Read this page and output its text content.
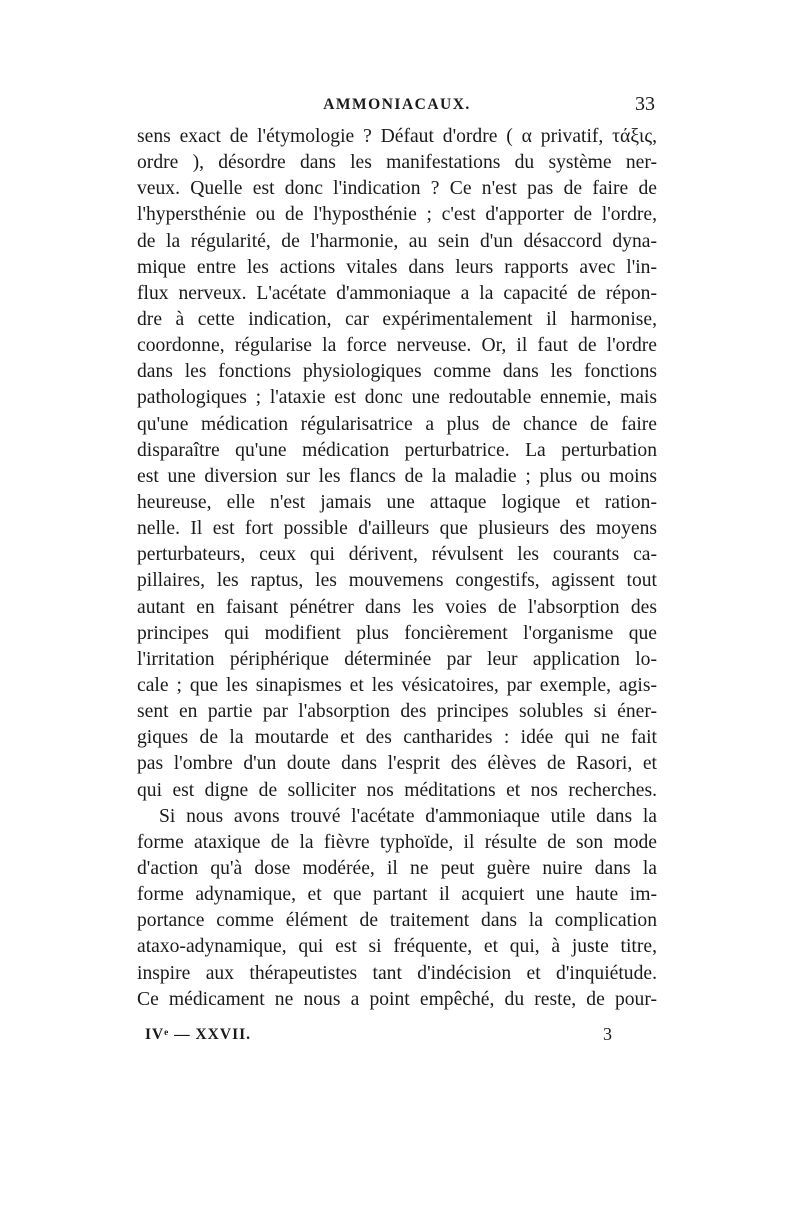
AMMONIACAUX.	33
sens exact de l'étymologie ? Défaut d'ordre ( α privatif, τάξις,
ordre ), désordre dans les manifestations du système ner-
veux. Quelle est donc l'indication ? Ce n'est pas de faire de
l'hypersthénie ou de l'hyposthénie ; c'est d'apporter de l'ordre,
de la régularité, de l'harmonie, au sein d'un désaccord dyna-
mique entre les actions vitales dans leurs rapports avec l'in-
flux nerveux. L'acétate d'ammoniaque a la capacité de répon-
dre à cette indication, car expérimentalement il harmonise,
coordonne, régularise la force nerveuse. Or, il faut de l'ordre
dans les fonctions physiologiques comme dans les fonctions
pathologiques ; l'ataxie est donc une redoutable ennemie, mais
qu'une médication régularisatrice a plus de chance de faire
disparaître qu'une médication perturbatrice. La perturbation
est une diversion sur les flancs de la maladie ; plus ou moins
heureuse, elle n'est jamais une attaque logique et ration-
nelle. Il est fort possible d'ailleurs que plusieurs des moyens
perturbateurs, ceux qui dérivent, révulsent les courants ca-
pillaires, les raptus, les mouvemens congestifs, agissent tout
autant en faisant pénétrer dans les voies de l'absorption des
principes qui modifient plus foncièrement l'organisme que
l'irritation périphérique déterminée par leur application lo-
cale ; que les sinapismes et les vésicatoires, par exemple, agis-
sent en partie par l'absorption des principes solubles si éner-
giques de la moutarde et des cantharides : idée qui ne fait
pas l'ombre d'un doute dans l'esprit des élèves de Rasori, et
qui est digne de solliciter nos méditations et nos recherches.
Si nous avons trouvé l'acétate d'ammoniaque utile dans la
forme ataxique de la fièvre typhoïde, il résulte de son mode
d'action qu'à dose modérée, il ne peut guère nuire dans la
forme adynamique, et que partant il acquiert une haute im-
portance comme élément de traitement dans la complication
ataxo-adynamique, qui est si fréquente, et qui, à juste titre,
inspire aux thérapeutistes tant d'indécision et d'inquiétude.
Ce médicament ne nous a point empêché, du reste, de pour-
IVᵉ — XXVII.	3
